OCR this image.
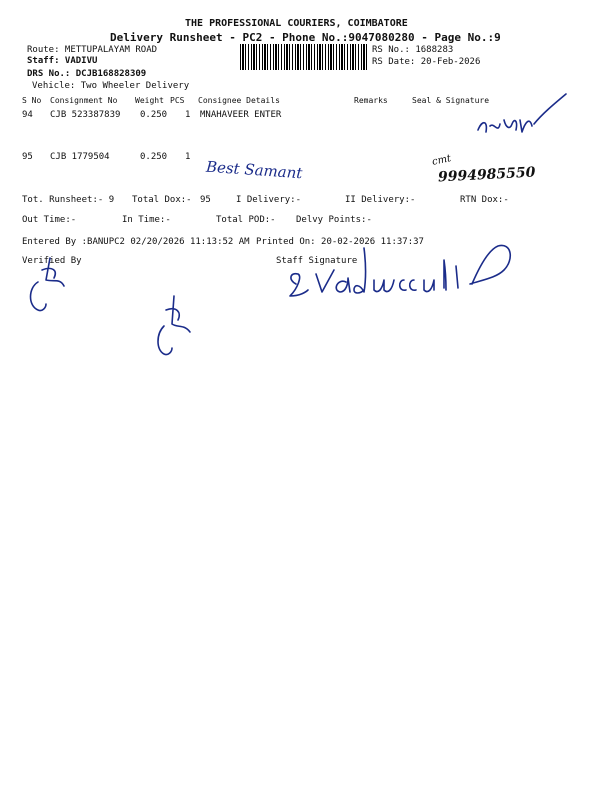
THE PROFESSIONAL COURIERS, COIMBATORE
Delivery Runsheet - PC2 - Phone No.:9047080280 - Page No.:9
Route: METTUPALAYAM ROAD
Staff: VADIVU
DRS No.: DCJB168828309
Vehicle: Two Wheeler Delivery
RS No.: 1688283
RS Date: 20-Feb-2026
S No Consignment No Weight PCS Consignee Details	Remarks	Seal & Signature
94 CJB 523387839 0.250 1 MNAHAVEER ENTER
95 CJB 1779504	0.250 1
Best Samant	cmt
9994985550
Tot. Runsheet:- 9 Total Dox:- 95	I Delivery:-	II Delivery:-	RTN Dox:-
Out Time:-	In Time:-	Total POD:- Delvy Points:-
Entered By :BANUPC2 02/20/2026 11:13:52 AM Printed On: 20-02-2026 11:37:37
Verified By	Staff Signature
